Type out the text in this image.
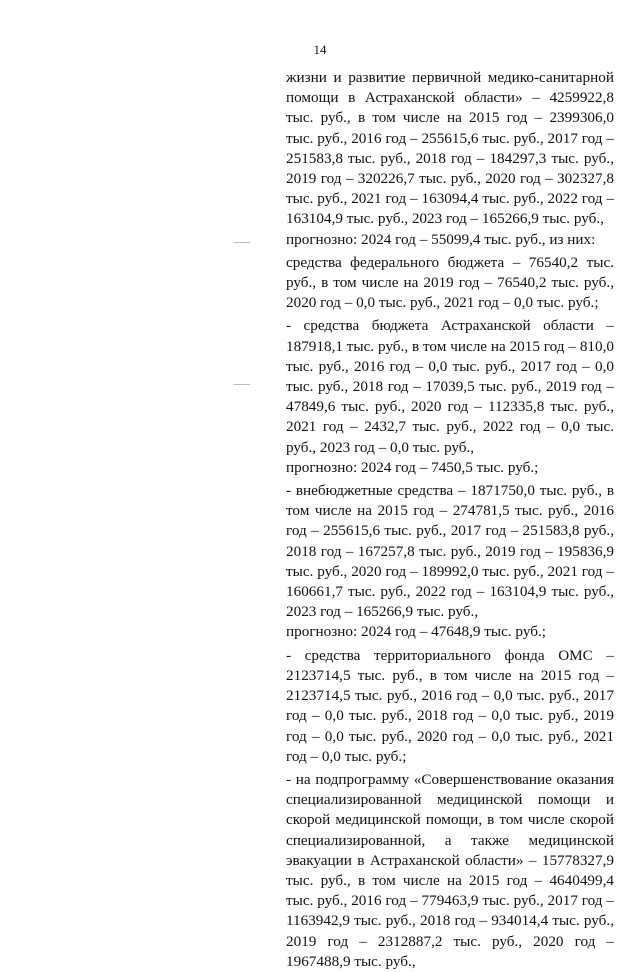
14

жизни и развитие первичной медико-санитарной помощи в Астраханской области» – 4259922,8 тыс. руб., в том числе на 2015 год – 2399306,0 тыс. руб., 2016 год – 255615,6 тыс. руб., 2017 год – 251583,8 тыс. руб., 2018 год – 184297,3 тыс. руб., 2019 год – 320226,7 тыс. руб., 2020 год – 302327,8 тыс. руб., 2021 год – 163094,4 тыс. руб., 2022 год – 163104,9 тыс. руб., 2023 год – 165266,9 тыс. руб.,

прогнозно: 2024 год – 55099,4 тыс. руб., из них:

средства федерального бюджета – 76540,2 тыс. руб., в том числе на 2019 год – 76540,2 тыс. руб., 2020 год – 0,0 тыс. руб., 2021 год – 0,0 тыс. руб.;

- средства бюджета Астраханской области – 187918,1 тыс. руб., в том числе на 2015 год – 810,0 тыс. руб., 2016 год – 0,0 тыс. руб., 2017 год – 0,0 тыс. руб., 2018 год – 17039,5 тыс. руб., 2019 год – 47849,6 тыс. руб., 2020 год – 112335,8 тыс. руб., 2021 год – 2432,7 тыс. руб., 2022 год – 0,0 тыс. руб., 2023 год – 0,0 тыс. руб.,

прогнозно: 2024 год – 7450,5 тыс. руб.;

- внебюджетные средства – 1871750,0 тыс. руб., в том числе на 2015 год – 274781,5 тыс. руб., 2016 год – 255615,6 тыс. руб., 2017 год – 251583,8 руб., 2018 год – 167257,8 тыс. руб., 2019 год – 195836,9 тыс. руб., 2020 год – 189992,0 тыс. руб., 2021 год – 160661,7 тыс. руб., 2022 год – 163104,9 тыс. руб., 2023 год – 165266,9 тыс. руб.,

прогнозно: 2024 год – 47648,9 тыс. руб.;

- средства территориального фонда ОМС – 2123714,5 тыс. руб., в том числе на 2015 год – 2123714,5 тыс. руб., 2016 год – 0,0 тыс. руб., 2017 год – 0,0 тыс. руб., 2018 год – 0,0 тыс. руб., 2019 год – 0,0 тыс. руб., 2020 год – 0,0 тыс. руб., 2021 год – 0,0 тыс. руб.;

- на подпрограмму «Совершенствование оказания специализированной медицинской помощи и скорой медицинской помощи, в том числе скорой специализированной, а также медицинской эвакуации в Астраханской области» – 15778327,9 тыс. руб., в том числе на 2015 год – 4640499,4 тыс. руб., 2016 год – 779463,9 тыс. руб., 2017 год – 1163942,9 тыс. руб., 2018 год – 934014,4 тыс. руб., 2019 год – 2312887,2 тыс. руб., 2020 год – 1967488,9 тыс. руб.,
